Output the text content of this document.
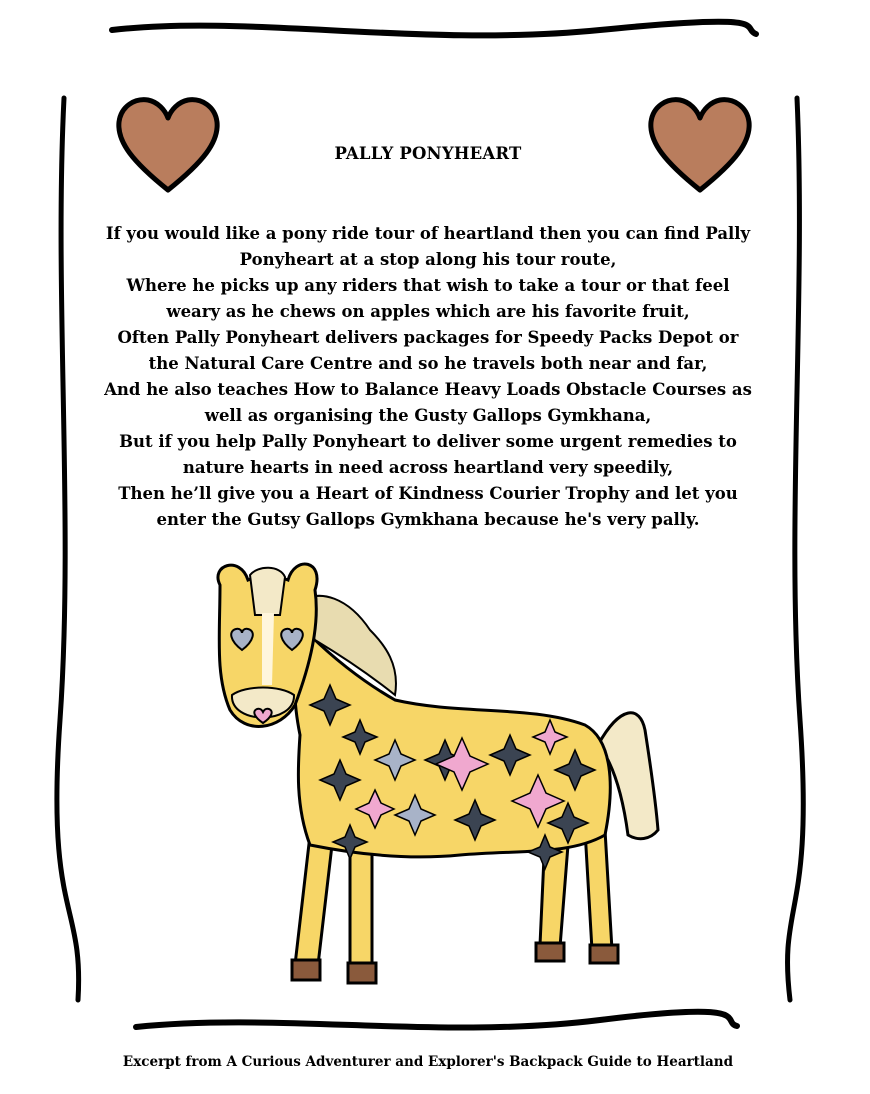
PALLY PONYHEART
If you would like a pony ride tour of heartland then you can find Pally
Ponyheart at a stop along his tour route,
Where he picks up any riders that wish to take a tour or that feel
weary as he chews on apples which are his favorite fruit,
Often Pally Ponyheart delivers packages for Speedy Packs Depot or
the Natural Care Centre and so he travels both near and far,
And he also teaches How to Balance Heavy Loads Obstacle Courses as
well as organising the Gusty Gallops Gymkhana,
But if you help Pally Ponyheart to deliver some urgent remedies to
nature hearts in need across heartland very speedily,
Then he’ll give you a Heart of Kindness Courier Trophy and let you
enter the Gutsy Gallops Gymkhana because he's very pally.
Excerpt from A Curious Adventurer and Explorer's Backpack Guide to Heartland
